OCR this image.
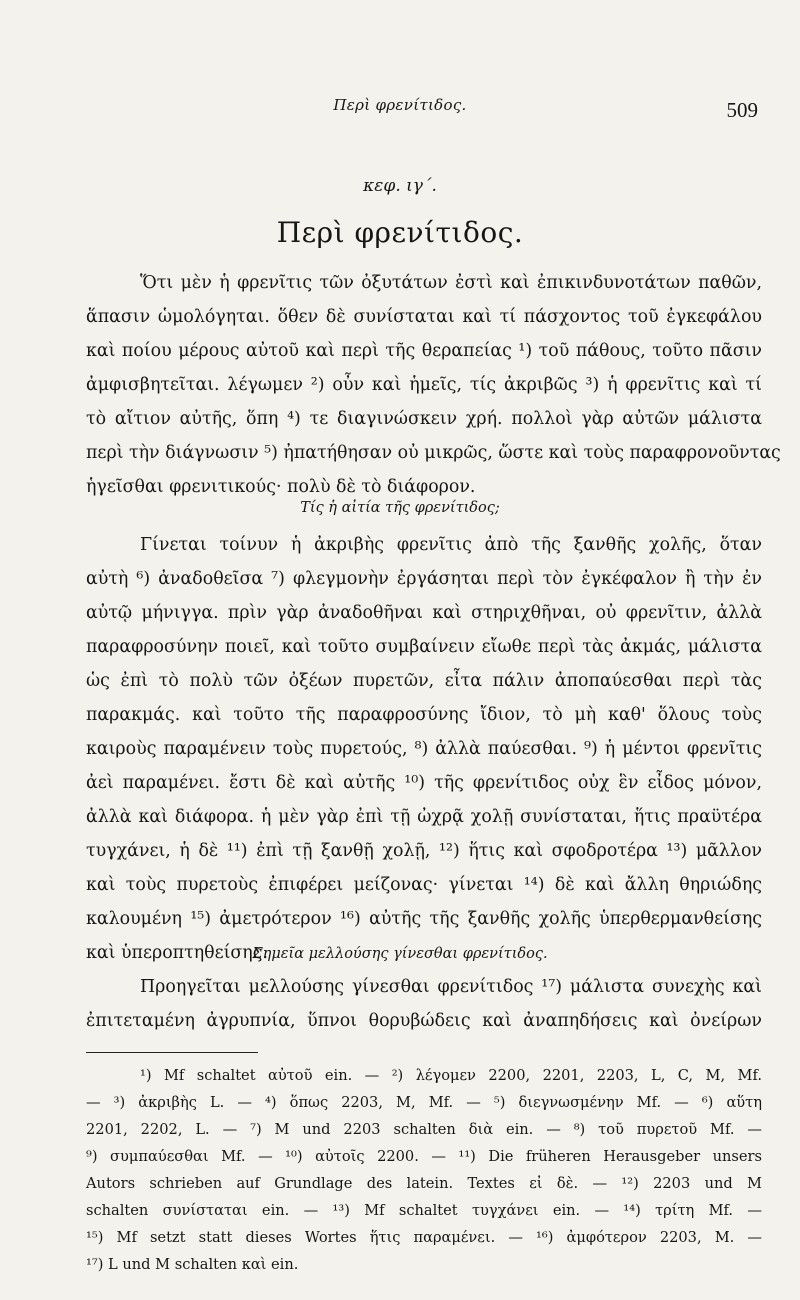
Περὶ φρενίτιδος.	509
κεφ. ιγ´.
Περὶ φρενίτιδος.
Ὅτι μὲν ἡ φρενῖτις τῶν ὀξυτάτων ἐστὶ καὶ ἐπικινδυνοτάτων παθῶν,
ἅπασιν ὡμολόγηται. ὅθεν δὲ συνίσταται καὶ τί πάσχοντος τοῦ ἐγκεφάλου
καὶ ποίου μέρους αὐτοῦ καὶ περὶ τῆς θεραπείας ¹) τοῦ πάθους, τοῦτο πᾶσιν
ἀμφισβητεῖται. λέγωμεν ²) οὖν καὶ ἡμεῖς, τίς ἀκριβῶς ³) ἡ φρενῖτις καὶ τί
τὸ αἴτιον αὐτῆς, ὅπη ⁴) τε διαγινώσκειν χρή. πολλοὶ γὰρ αὐτῶν μάλιστα
περὶ τὴν διάγνωσιν ⁵) ἠπατήθησαν οὐ μικρῶς, ὥστε καὶ τοὺς παραφρονοῦντας
ἡγεῖσθαι φρενιτικούς· πολὺ δὲ τὸ διάφορον.
Τίς ἡ αἰτία τῆς φρενίτιδος;
Γίνεται τοίνυν ἡ ἀκριβὴς φρενῖτις ἀπὸ τῆς ξανθῆς χολῆς, ὅταν
αὐτὴ ⁶) ἀναδοθεῖσα ⁷) φλεγμονὴν ἐργάσηται περὶ τὸν ἐγκέφαλον ἢ τὴν ἐν
αὐτῷ μήνιγγα. πρὶν γὰρ ἀναδοθῆναι καὶ στηριχθῆναι, οὐ φρενῖτιν, ἀλλὰ
παραφροσύνην ποιεῖ, καὶ τοῦτο συμβαίνειν εἴωθε περὶ τὰς ἀκμάς, μάλιστα
ὡς ἐπὶ τὸ πολὺ τῶν ὀξέων πυρετῶν, εἶτα πάλιν ἀποπαύεσθαι περὶ τὰς
παρακμάς. καὶ τοῦτο τῆς παραφροσύνης ἴδιον, τὸ μὴ καθ' ὅλους τοὺς
καιροὺς παραμένειν τοὺς πυρετούς, ⁸) ἀλλὰ παύεσθαι. ⁹) ἡ μέντοι φρενῖτις
ἀεὶ παραμένει. ἔστι δὲ καὶ αὐτῆς ¹⁰) τῆς φρενίτιδος οὐχ ἓν εἶδος μόνον,
ἀλλὰ καὶ διάφορα. ἡ μὲν γὰρ ἐπὶ τῇ ὠχρᾷ χολῇ συνίσταται, ἥτις πραϋτέρα
τυγχάνει, ἡ δὲ ¹¹) ἐπὶ τῇ ξανθῇ χολῇ, ¹²) ἥτις καὶ σφοδροτέρα ¹³) μᾶλλον
καὶ τοὺς πυρετοὺς ἐπιφέρει μείζονας· γίνεται ¹⁴) δὲ καὶ ἄλλη θηριώδης
καλουμένη ¹⁵) ἀμετρότερον ¹⁶) αὐτῆς τῆς ξανθῆς χολῆς ὑπερθερμανθείσης
καὶ ὑπεροπτηθείσης.
Σημεῖα μελλούσης γίνεσθαι φρενίτιδος.
Προηγεῖται μελλούσης γίνεσθαι φρενίτιδος ¹⁷) μάλιστα συνεχὴς καὶ
ἐπιτεταμένη ἀγρυπνία, ὕπνοι θορυβώδεις καὶ ἀναπηδήσεις καὶ ὀνείρων
¹) Mf schaltet αὐτοῦ ein. — ²) λέγομεν 2200, 2201, 2203, L, C, M, Mf.
— ³) ἀκριβὴς L. — ⁴) ὅπως 2203, M, Mf. — ⁵) διεγνωσμένην Mf. — ⁶) αὕτη
2201, 2202, L. — ⁷) M und 2203 schalten διὰ ein. — ⁸) τοῦ πυρετοῦ Mf. —
⁹) συμπαύεσθαι Mf. — ¹⁰) αὐτοῖς 2200. — ¹¹) Die früheren Herausgeber unsers
Autors schrieben auf Grundlage des latein. Textes εἰ δὲ. — ¹²) 2203 und M
schalten συνίσταται ein. — ¹³) Mf schaltet τυγχάνει ein. — ¹⁴) τρίτη Mf. —
¹⁵) Mf setzt statt dieses Wortes ἥτις παραμένει. — ¹⁶) ἀμφότερον 2203, M. —
¹⁷) L und M schalten καὶ ein.
